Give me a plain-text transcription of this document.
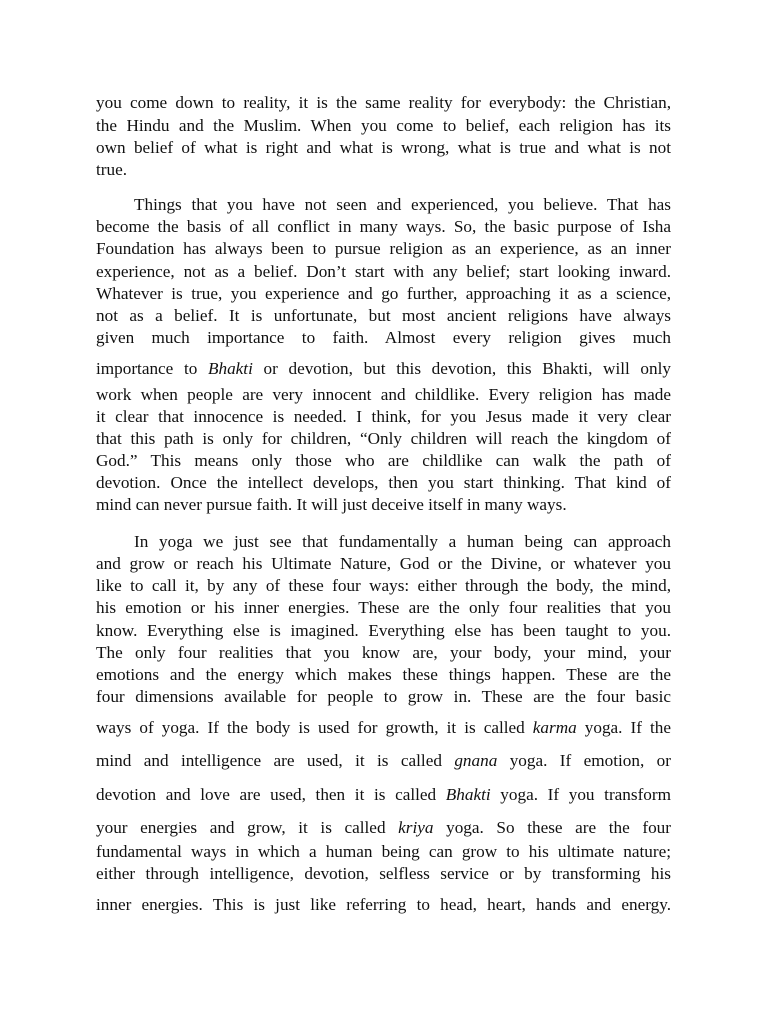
you come down to reality, it is the same reality for everybody: the Christian,
the Hindu and the Muslim. When you come to belief, each religion has its
own belief of what is right and what is wrong, what is true and what is not
true.
Things that you have not seen and experienced, you believe. That has
become the basis of all conflict in many ways. So, the basic purpose of Isha
Foundation has always been to pursue religion as an experience, as an inner
experience, not as a belief. Don’t start with any belief; start looking inward.
Whatever is true, you experience and go further, approaching it as a science,
not as a belief. It is unfortunate, but most ancient religions have always
given much importance to faith. Almost every religion gives much
importance to Bhakti or devotion, but this devotion, this Bhakti, will only
work when people are very innocent and childlike. Every religion has made
it clear that innocence is needed. I think, for you Jesus made it very clear
that this path is only for children, “Only children will reach the kingdom of
God.” This means only those who are childlike can walk the path of
devotion. Once the intellect develops, then you start thinking. That kind of
mind can never pursue faith. It will just deceive itself in many ways.
In yoga we just see that fundamentally a human being can approach
and grow or reach his Ultimate Nature, God or the Divine, or whatever you
like to call it, by any of these four ways: either through the body, the mind,
his emotion or his inner energies. These are the only four realities that you
know. Everything else is imagined. Everything else has been taught to you.
The only four realities that you know are, your body, your mind, your
emotions and the energy which makes these things happen. These are the
four dimensions available for people to grow in. These are the four basic
ways of yoga. If the body is used for growth, it is called karma yoga. If the
mind and intelligence are used, it is called gnana yoga. If emotion, or
devotion and love are used, then it is called Bhakti yoga. If you transform
your energies and grow, it is called kriya yoga. So these are the four
fundamental ways in which a human being can grow to his ultimate nature;
either through intelligence, devotion, selfless service or by transforming his
inner energies. This is just like referring to head, heart, hands and energy.
